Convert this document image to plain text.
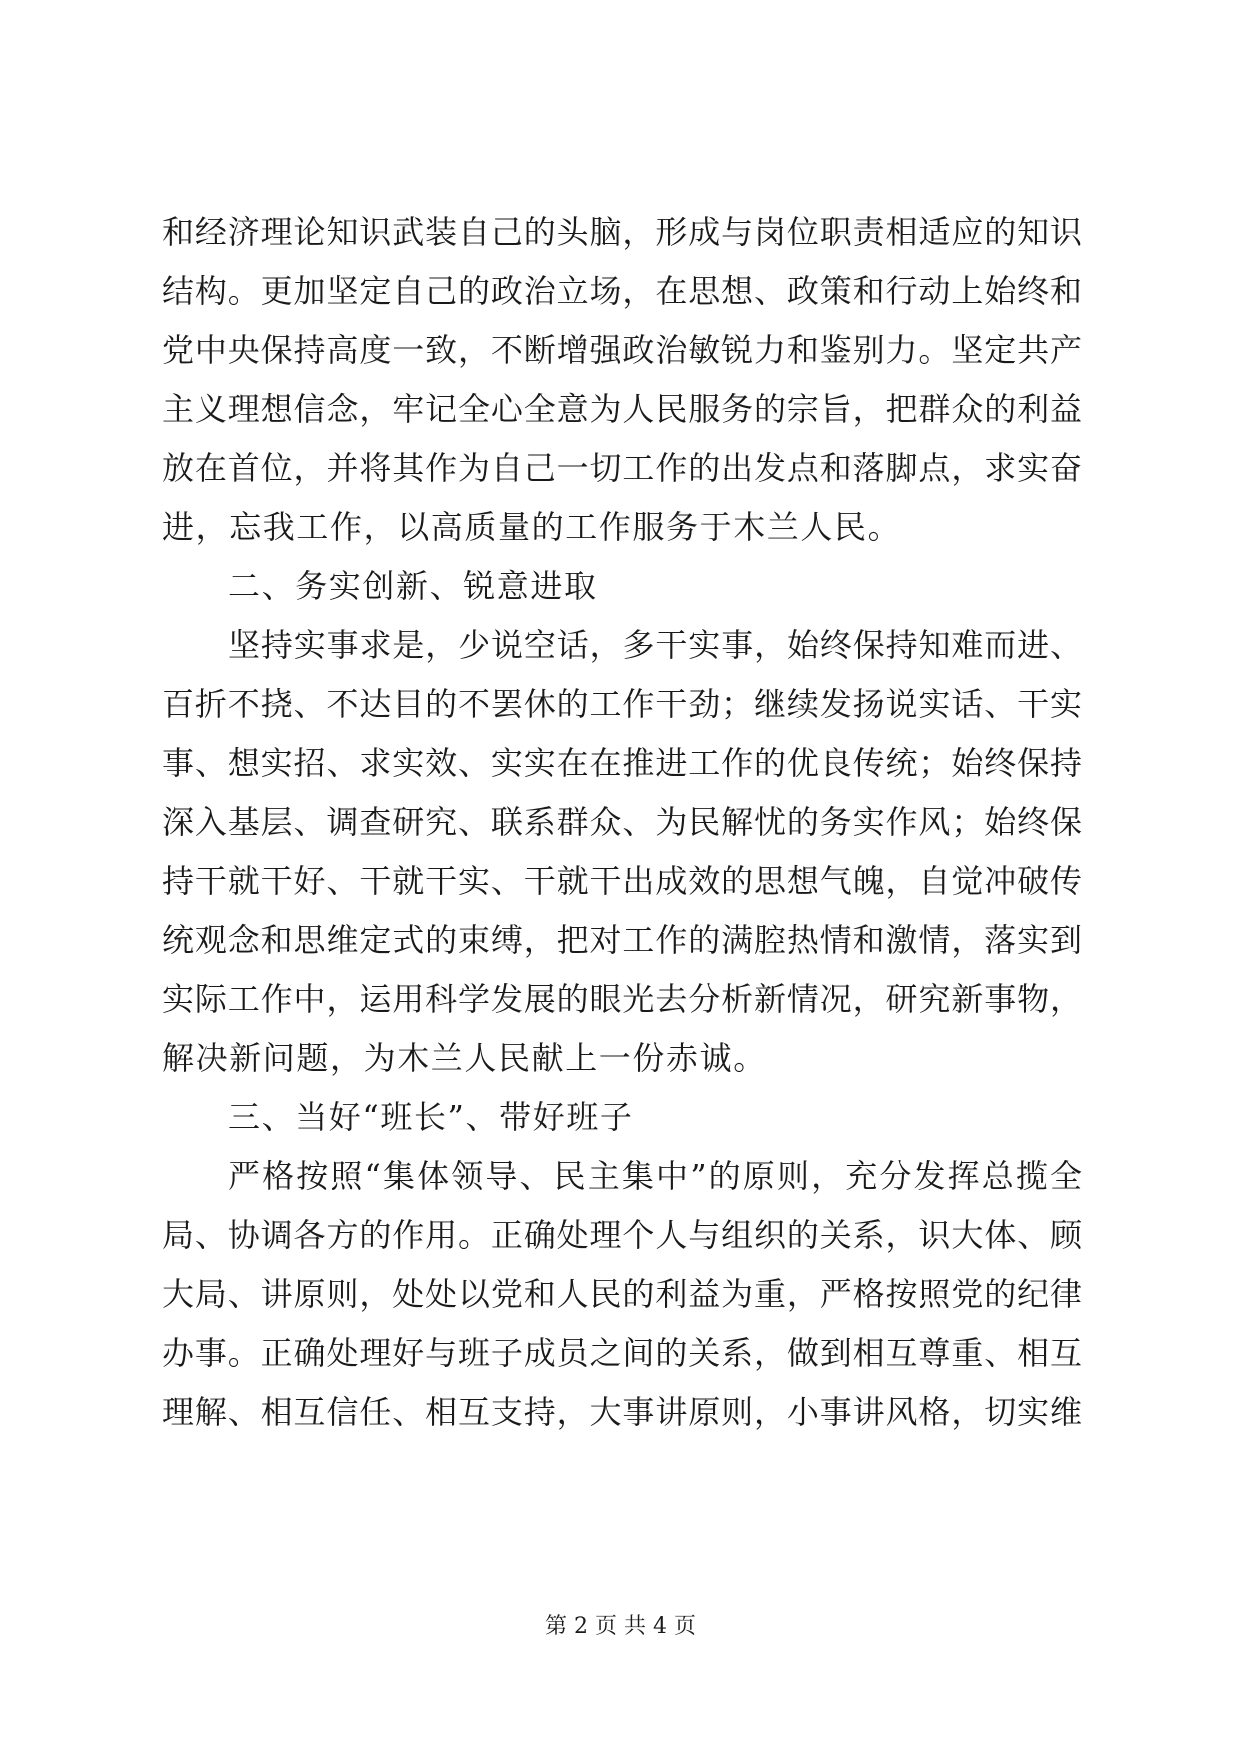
和经济理论知识武装自己的头脑，形成与岗位职责相适应的知识
结构。更加坚定自己的政治立场，在思想、政策和行动上始终和
党中央保持高度一致，不断增强政治敏锐力和鉴别力。坚定共产
主义理想信念，牢记全心全意为人民服务的宗旨，把群众的利益
放在首位，并将其作为自己一切工作的出发点和落脚点，求实奋
进，忘我工作，以高质量的工作服务于木兰人民。
二、务实创新、锐意进取
坚持实事求是，少说空话，多干实事，始终保持知难而进、
百折不挠、不达目的不罢休的工作干劲；继续发扬说实话、干实
事、想实招、求实效、实实在在推进工作的优良传统；始终保持
深入基层、调查研究、联系群众、为民解忧的务实作风；始终保
持干就干好、干就干实、干就干出成效的思想气魄，自觉冲破传
统观念和思维定式的束缚，把对工作的满腔热情和激情，落实到
实际工作中，运用科学发展的眼光去分析新情况，研究新事物，
解决新问题，为木兰人民献上一份赤诚。
三、当好“班长”、带好班子
严格按照“集体领导、民主集中”的原则，充分发挥总揽全
局、协调各方的作用。正确处理个人与组织的关系，识大体、顾
大局、讲原则，处处以党和人民的利益为重，严格按照党的纪律
办事。正确处理好与班子成员之间的关系，做到相互尊重、相互
理解、相互信任、相互支持，大事讲原则，小事讲风格，切实维
第 2 页 共 4 页
